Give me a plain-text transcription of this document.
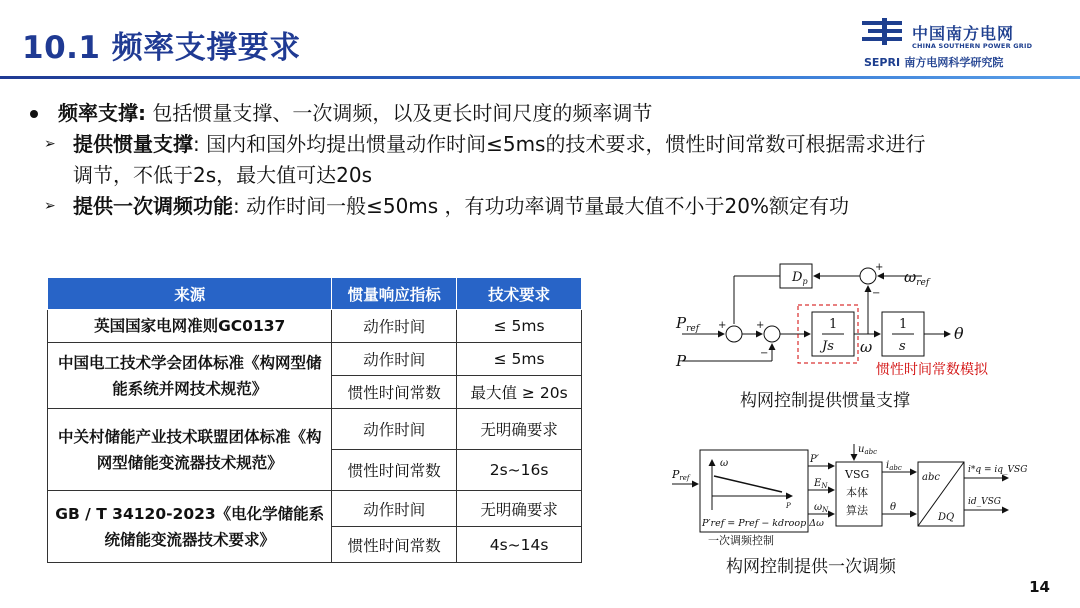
10.1 频率支撑要求	中国南方电网
CHINA SOUTHERN POWER GRID
SEPRI 南方电网科学研究院
频率支撑: 包括惯量支撑、一次调频，以及更长时间尺度的频率调节
➢ 提供惯量支撑: 国内和国外均提出惯量动作时间≤5ms的技术要求，惯性时间常数可根据需求进行
调节，不低于2s，最大值可达20s
➢ 提供一次调频功能: 动作时间一般≤50ms ，有功功率调节量最大值不小于20%额定有功
来源	惯量响应指标	技术要求
英国国家电网准则GC0137	动作时间	≤ 5ms
中国电工技术学会团体标准《构网型储能系统并网技术规范》	动作时间	≤ 5ms
	惯性时间常数	最大值 ≥ 20s
中关村储能产业技术联盟团体标准《构网型储能变流器技术规范》	动作时间	无明确要求
	惯性时间常数	2s~16s
GB / T 34120-2023《电化学储能系统储能变流器技术要求》	动作时间	无明确要求
	惯性时间常数	4s~14s
$D_p$	$\omega_{ref}$
$P_{ref}$
P
1
Js ω
1
s
θ
+	+
−
+
−
惯性时间常数模拟
Pref
ω
P
P′ref = Pref − kdroop Δω
一次调频控制
P′
$u_{abc}$
$E_N$
$\omega_N$
VSG
本体
算法
$i_{abc}$
θ
abc
DQ
i*q = iq_VSG
id_VSG
构网控制提供惯量支撑
构网控制提供一次调频
14
